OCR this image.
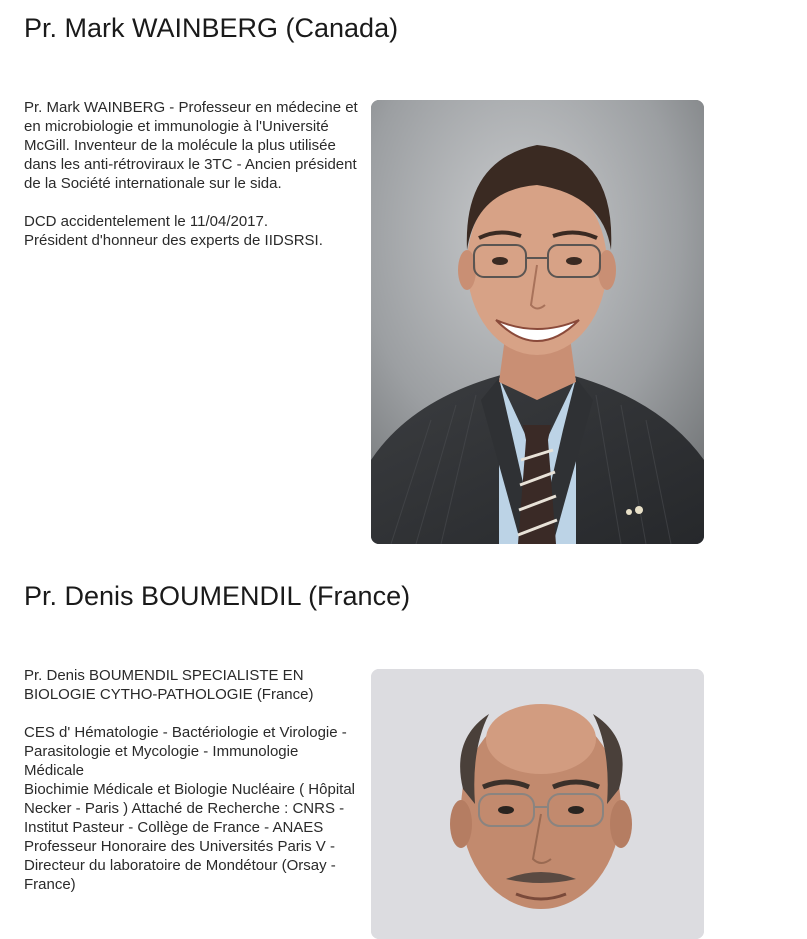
Pr. Mark WAINBERG (Canada)

Pr. Mark WAINBERG - Professeur en médecine et en microbiologie et immunologie à l'Université McGill. Inventeur de la molécule la plus utilisée dans les anti-rétroviraux le 3TC - Ancien président de la Société internationale sur le sida.

DCD accidentelement le 11/04/2017.
Président d'honneur des experts de IIDSRSI.

Pr. Denis BOUMENDIL (France)

Pr. Denis BOUMENDIL SPECIALISTE EN BIOLOGIE CYTHO-PATHOLOGIE (France)

CES d' Hématologie - Bactériologie et Virologie - Parasitologie et Mycologie - Immunologie Médicale
Biochimie Médicale et Biologie Nucléaire ( Hôpital Necker - Paris ) Attaché de Recherche : CNRS - Institut Pasteur - Collège de France - ANAES
Professeur Honoraire des Universités Paris V - Directeur du laboratoire de Mondétour (Orsay - France)
